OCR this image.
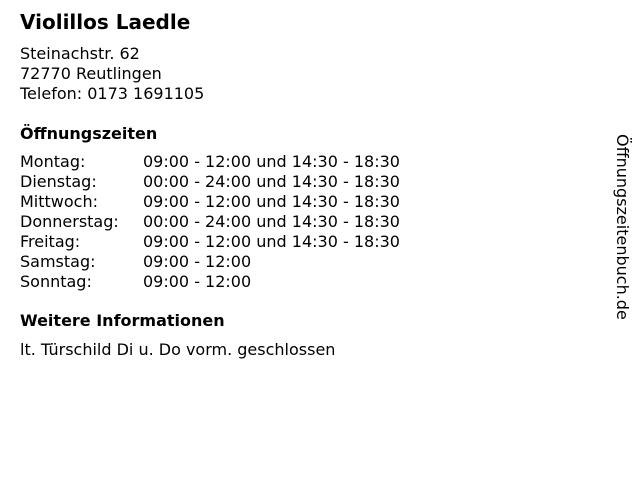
Violillos Laedle
Steinachstr. 62
72770 Reutlingen
Telefon: 0173 1691105
Öffnungszeiten
Montag:	09:00 - 12:00 und 14:30 - 18:30
Dienstag:	00:00 - 24:00 und 14:30 - 18:30
Mittwoch:	09:00 - 12:00 und 14:30 - 18:30
Donnerstag:	00:00 - 24:00 und 14:30 - 18:30
Freitag:	09:00 - 12:00 und 14:30 - 18:30
Samstag:	09:00 - 12:00
Sonntag:	09:00 - 12:00
Weitere Informationen
lt. Türschild Di u. Do vorm. geschlossen
Öffnungszeitenbuch.de
